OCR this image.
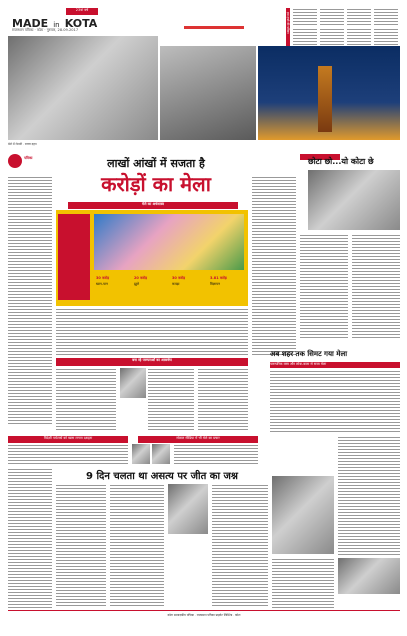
MADE in KOTA
23वां वर्ष
राजस्थान पत्रिका · कोटा · गुरुवार, 28.09.2017	इस हफ्ते की पत्रिका
मेले में रोशनी · रावण दहन
पत्रिका	लाखों आंखों में सजता है
करोड़ों का मेला
मेले का अर्थशास्त्र
30 करोड़
खान-पान
20 करोड़
झूले
30 करोड़
कपड़ा
3.81 करोड़
विज्ञापन
छोटा छो...यो कोटा छे
बना रहे परम्पराओं का आकर्षण
अब शहर तक सिमट गया मेला
पारम्परिक वस्त्र और लोक-कला से सजा मेला
विदेशी पर्यटकों को खास लगता दशहरा	सोशल मीडिया में भी मेले का प्रचार
9 दिन चलता था असत्य पर जीत का जश्न
कोटा सम्पादकीय पत्रिका · राजस्थान पत्रिका प्राइवेट लिमिटेड · कोटा
